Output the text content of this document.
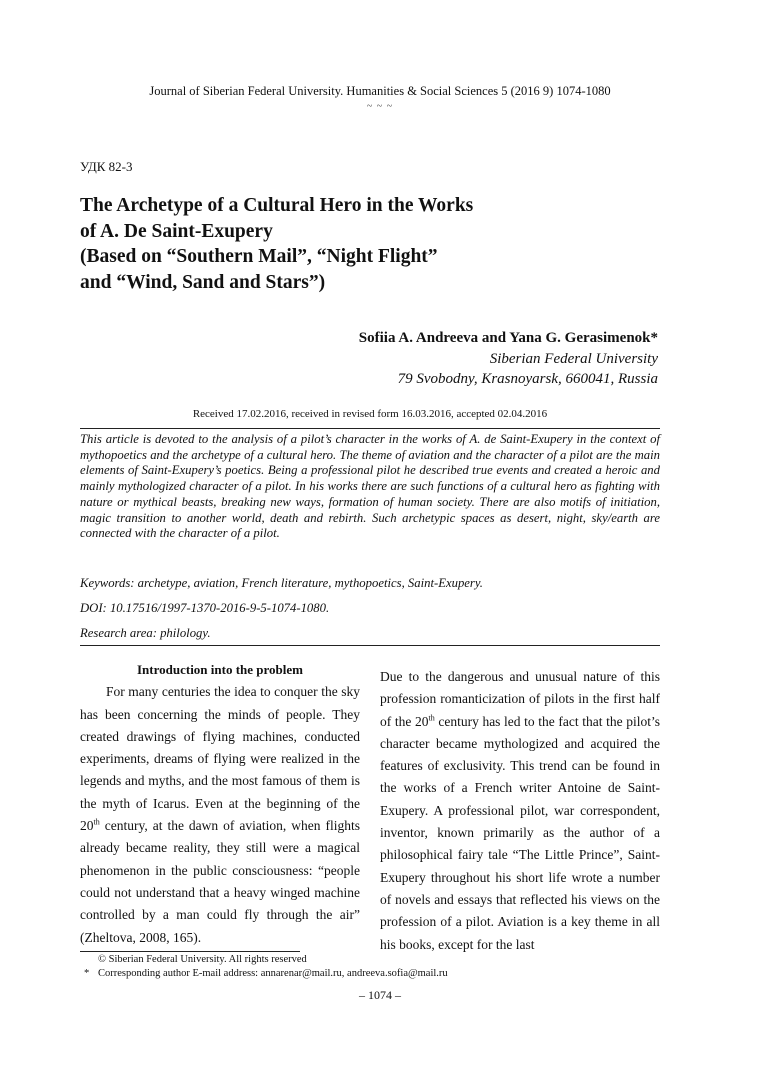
Journal of Siberian Federal University. Humanities & Social Sciences 5 (2016 9) 1074-1080
~ ~ ~
УДК 82-3
The Archetype of a Cultural Hero in the Works
of A. De Saint-Exupery
(Based on “Southern Mail”, “Night Flight”
and “Wind, Sand and Stars”)
Sofiia A. Andreeva and Yana G. Gerasimenok*
Siberian Federal University
79 Svobodny, Krasnoyarsk, 660041, Russia
Received 17.02.2016, received in revised form 16.03.2016, accepted 02.04.2016
This article is devoted to the analysis of a pilot’s character in the works of A. de Saint-Exupery in the context of mythopoetics and the archetype of a cultural hero. The theme of aviation and the character of a pilot are the main elements of Saint-Exupery’s poetics. Being a professional pilot he described true events and created a heroic and mainly mythologized character of a pilot. In his works there are such functions of a cultural hero as fighting with nature or mythical beasts, breaking new ways, formation of human society. There are also motifs of initiation, magic transition to another world, death and rebirth. Such archetypic spaces as desert, night, sky/earth are connected with the character of a pilot.
Keywords: archetype, aviation, French literature, mythopoetics, Saint-Exupery.
DOI: 10.17516/1997-1370-2016-9-5-1074-1080.
Research area: philology.

Introduction into the problem

For many centuries the idea to conquer the sky has been concerning the minds of people. They created drawings of flying machines, conducted experiments, dreams of flying were realized in the legends and myths, and the most famous of them is the myth of Icarus. Even at the beginning of the 20th century, at the dawn of aviation, when flights already became reality, they still were a magical phenomenon in the public consciousness: “people could not understand that a heavy winged machine controlled by a man could fly through the air” (Zheltova, 2008, 165).

Due to the dangerous and unusual nature of this profession romanticization of pilots in the first half of the 20th century has led to the fact that the pilot’s character became mythologized and acquired the features of exclusivity. This trend can be found in the works of a French writer Antoine de Saint-Exupery. A professional pilot, war correspondent, inventor, known primarily as the author of a philosophical fairy tale “The Little Prince”, Saint-Exupery throughout his short life wrote a number of novels and essays that reflected his views on the profession of a pilot. Aviation is a key theme in all his books, except for the last

© Siberian Federal University. All rights reserved
* Corresponding author E-mail address: annarenar@mail.ru, andreeva.sofia@mail.ru
– 1074 –
